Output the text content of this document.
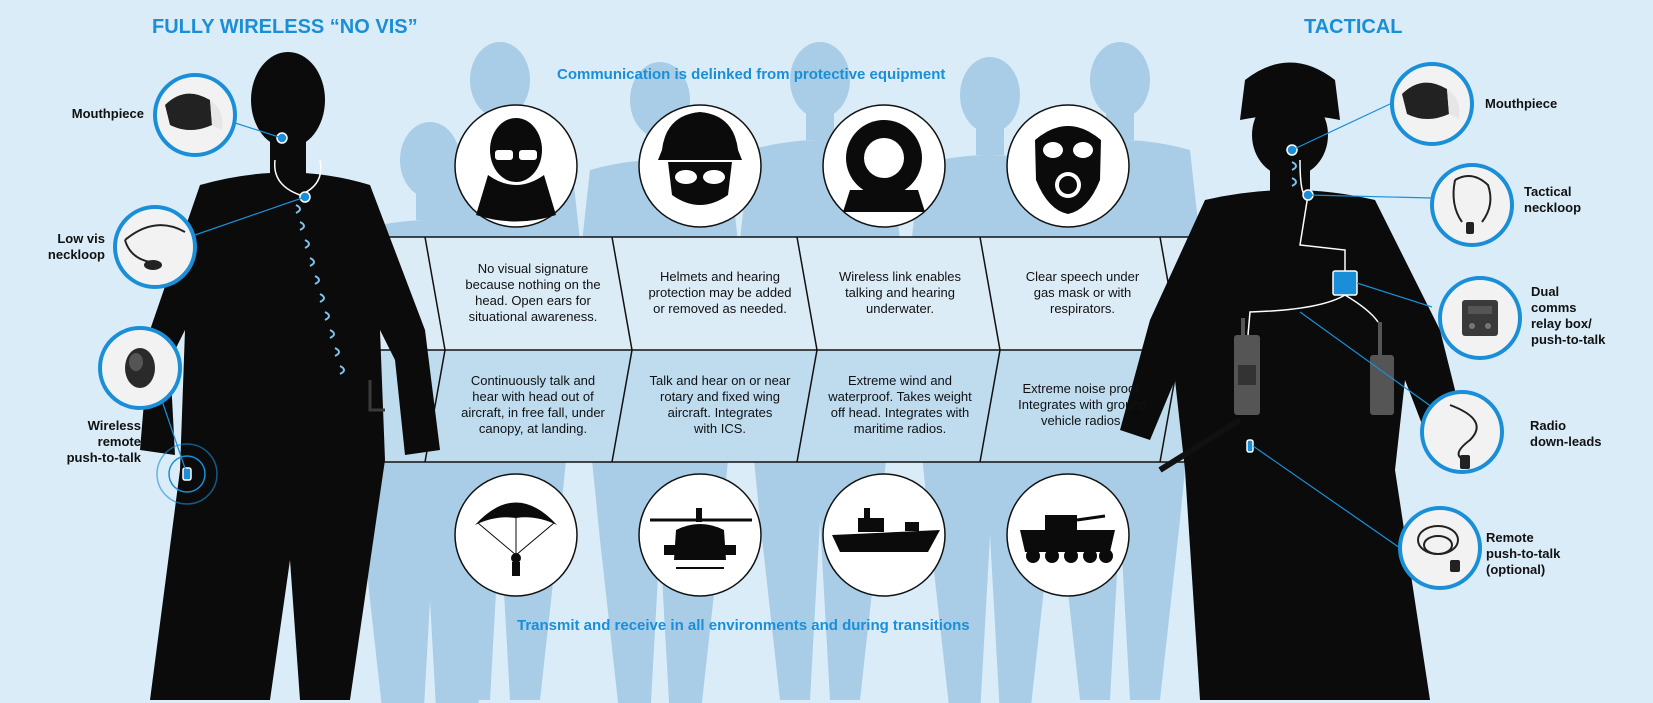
FULLY WIRELESS “NO VIS”	TACTICAL
Communication is delinked from protective equipment
Transmit and receive in all environments and during transitions
Mouthpiece
Low vis
neckloop
Wireless
remote
push-to-talk
Mouthpiece
Tactical
neckloop
Dual
comms
relay box/
push-to-talk
Radio
down-leads
Remote
push-to-talk
(optional)
No visual signature
because nothing on the
head. Open ears for
situational awareness.
Helmets and hearing
protection may be added
or removed as needed.
Wireless link enables
talking and hearing
underwater.
Clear speech under
gas mask or with
respirators.
Continuously talk and
hear with head out of
aircraft, in free fall, under
canopy, at landing.
Talk and hear on or near
rotary and fixed wing
aircraft. Integrates
with ICS.
Extreme wind and
waterproof. Takes weight
off head. Integrates with
maritime radios.
Extreme noise proof.
Integrates with ground
vehicle radios.
